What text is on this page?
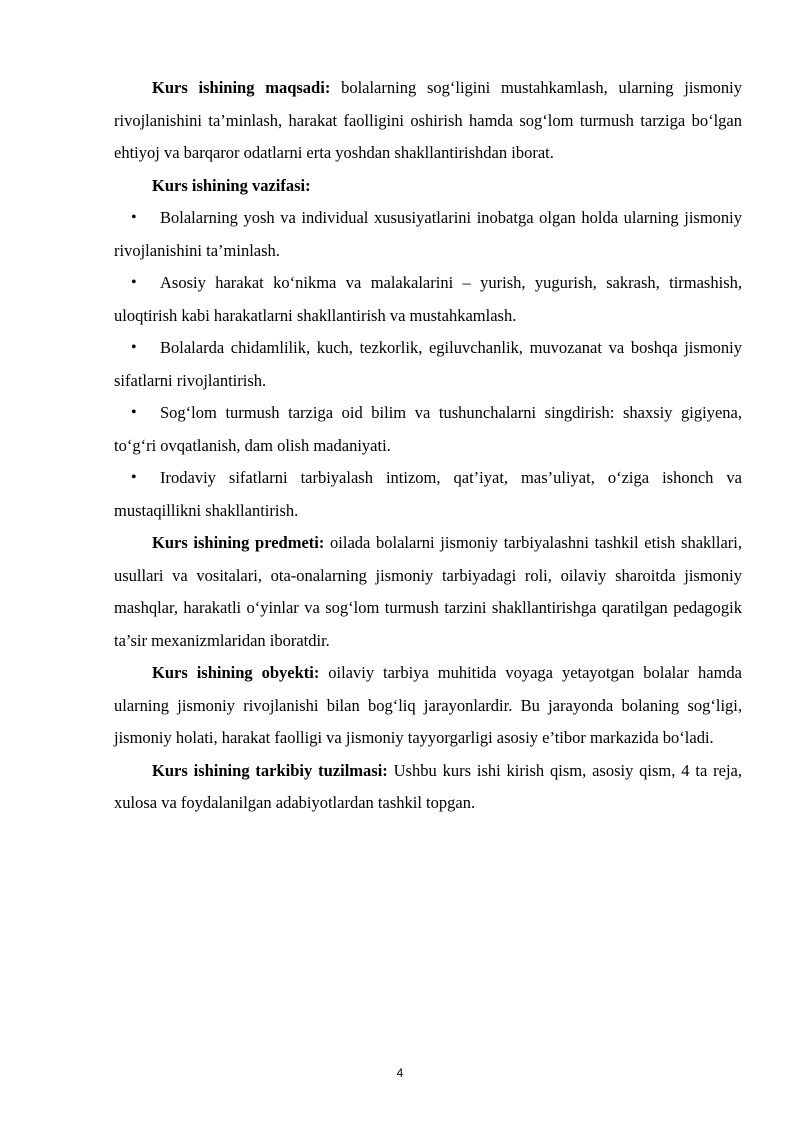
Kurs ishining maqsadi: bolalarning sog‘ligini mustahkamlash, ularning jismoniy rivojlanishini ta’minlash, harakat faolligini oshirish hamda sog‘lom turmush tarziga bo‘lgan ehtiyoj va barqaror odatlarni erta yoshdan shakllantirishdan iborat.

Kurs ishining vazifasi:

• Bolalarning yosh va individual xususiyatlarini inobatga olgan holda ularning jismoniy rivojlanishini ta’minlash.

• Asosiy harakat ko‘nikma va malakalarini – yurish, yugurish, sakrash, tirmashish, uloqtirish kabi harakatlarni shakllantirish va mustahkamlash.

• Bolalarda chidamlilik, kuch, tezkorlik, egiluvchanlik, muvozanat va boshqa jismoniy sifatlarni rivojlantirish.

• Sog‘lom turmush tarziga oid bilim va tushunchalarni singdirish: shaxsiy gigiyena, to‘g‘ri ovqatlanish, dam olish madaniyati.

• Irodaviy sifatlarni tarbiyalash intizom, qat’iyat, mas’uliyat, o‘ziga ishonch va mustaqillikni shakllantirish.

Kurs ishining predmeti: oilada bolalarni jismoniy tarbiyalashni tashkil etish shakllari, usullari va vositalari, ota-onalarning jismoniy tarbiyadagi roli, oilaviy sharoitda jismoniy mashqlar, harakatli o‘yinlar va sog‘lom turmush tarzini shakllantirishga qaratilgan pedagogik ta’sir mexanizmlaridan iboratdir.

Kurs ishining obyekti: oilaviy tarbiya muhitida voyaga yetayotgan bolalar hamda ularning jismoniy rivojlanishi bilan bog‘liq jarayonlardir. Bu jarayonda bolaning sog‘ligi, jismoniy holati, harakat faolligi va jismoniy tayyorgarligi asosiy e’tibor markazida bo‘ladi.

Kurs ishining tarkibiy tuzilmasi: Ushbu kurs ishi kirish qism, asosiy qism, 4 ta reja, xulosa va foydalanilgan adabiyotlardan tashkil topgan.

4
